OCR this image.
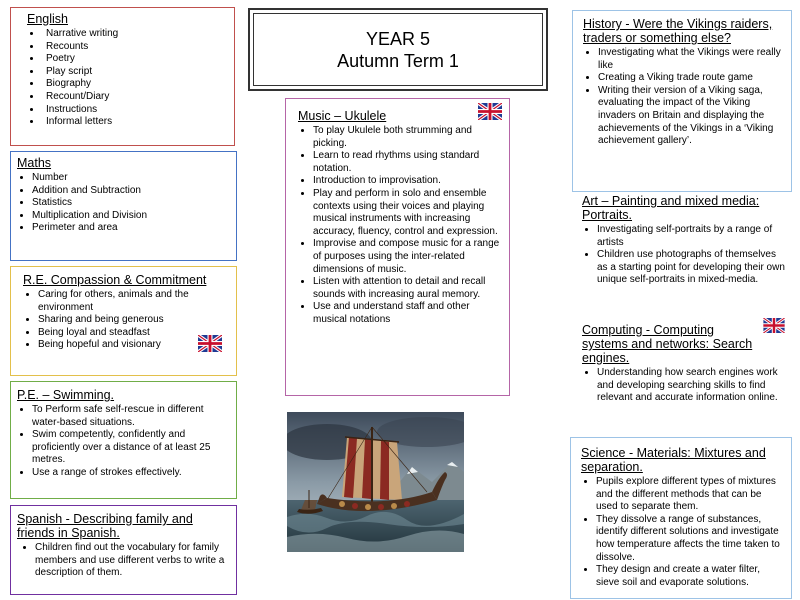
English
• Narrative writing
• Recounts
• Poetry
• Play script
• Biography
• Recount/Diary
• Instructions
• Informal letters
Maths
• Number
• Addition and Subtraction
• Statistics
• Multiplication and Division
• Perimeter and area
R.E. Compassion & Commitment
• Caring for others, animals and the environment
• Sharing and being generous
• Being loyal and steadfast
• Being hopeful and visionary
P.E. – Swimming.
• To Perform safe self-rescue in different water-based situations.
• Swim competently, confidently and proficiently over a distance of at least 25 metres.
• Use a range of strokes effectively.
Spanish - Describing family and friends in Spanish.
• Children find out the vocabulary for family members and use different verbs to write a description of them.
YEAR 5
Autumn Term 1
Music – Ukulele
• To play Ukulele both strumming and picking.
• Learn to read rhythms using standard notation.
• Introduction to improvisation.
• Play and perform in solo and ensemble contexts using their voices and playing musical instruments with increasing accuracy, fluency, control and expression.
• Improvise and compose music for a range of purposes using the inter-related dimensions of music.
• Listen with attention to detail and recall sounds with increasing aural memory.
• Use and understand staff and other musical notations
History - Were the Vikings raiders, traders or something else?
• Investigating what the Vikings were really like
• Creating a Viking trade route game
• Writing their version of a Viking saga, evaluating the impact of the Viking invaders on Britain and displaying the achievements of the Vikings in a ‘Viking achievement gallery’.
Art – Painting and mixed media: Portraits.
• Investigating self-portraits by a range of artists
• Children use photographs of themselves as a starting point for developing their own unique self-portraits in mixed-media.
Computing - Computing systems and networks: Search engines.
• Understanding how search engines work and developing searching skills to find relevant and accurate information online.
Science - Materials: Mixtures and separation.
• Pupils explore different types of mixtures and the different methods that can be used to separate them.
• They dissolve a range of substances, identify different solutions and investigate how temperature affects the time taken to dissolve.
• They design and create a water filter, sieve soil and evaporate solutions.
